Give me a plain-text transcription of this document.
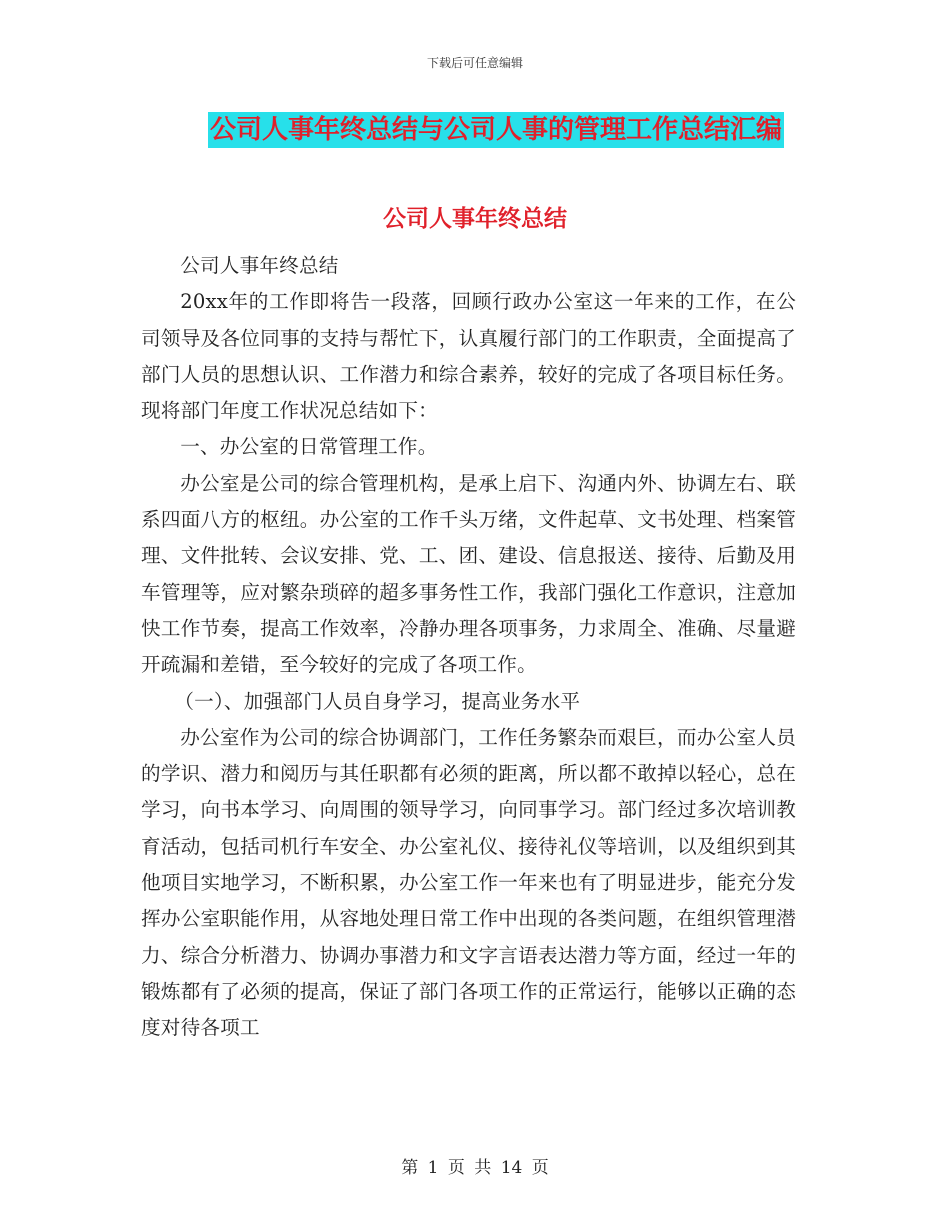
下载后可任意编辑
公司人事年终总结与公司人事的管理工作总结汇编
公司人事年终总结

公司人事年终总结

20xx年的工作即将告一段落，回顾行政办公室这一年来的工作，在公司领导及各位同事的支持与帮忙下，认真履行部门的工作职责，全面提高了部门人员的思想认识、工作潜力和综合素养，较好的完成了各项目标任务。现将部门年度工作状况总结如下：

一、办公室的日常管理工作。

办公室是公司的综合管理机构，是承上启下、沟通内外、协调左右、联系四面八方的枢纽。办公室的工作千头万绪，文件起草、文书处理、档案管理、文件批转、会议安排、党、工、团、建设、信息报送、接待、后勤及用车管理等，应对繁杂琐碎的超多事务性工作，我部门强化工作意识，注意加快工作节奏，提高工作效率，冷静办理各项事务，力求周全、准确、尽量避开疏漏和差错，至今较好的完成了各项工作。

（一）、加强部门人员自身学习，提高业务水平

办公室作为公司的综合协调部门，工作任务繁杂而艰巨，而办公室人员的学识、潜力和阅历与其任职都有必须的距离，所以都不敢掉以轻心，总在学习，向书本学习、向周围的领导学习，向同事学习。部门经过多次培训教育活动，包括司机行车安全、办公室礼仪、接待礼仪等培训，以及组织到其他项目实地学习，不断积累，办公室工作一年来也有了明显进步，能充分发挥办公室职能作用，从容地处理日常工作中出现的各类问题，在组织管理潜力、综合分析潜力、协调办事潜力和文字言语表达潜力等方面，经过一年的锻炼都有了必须的提高，保证了部门各项工作的正常运行，能够以正确的态度对待各项工

第 1 页 共 14 页
